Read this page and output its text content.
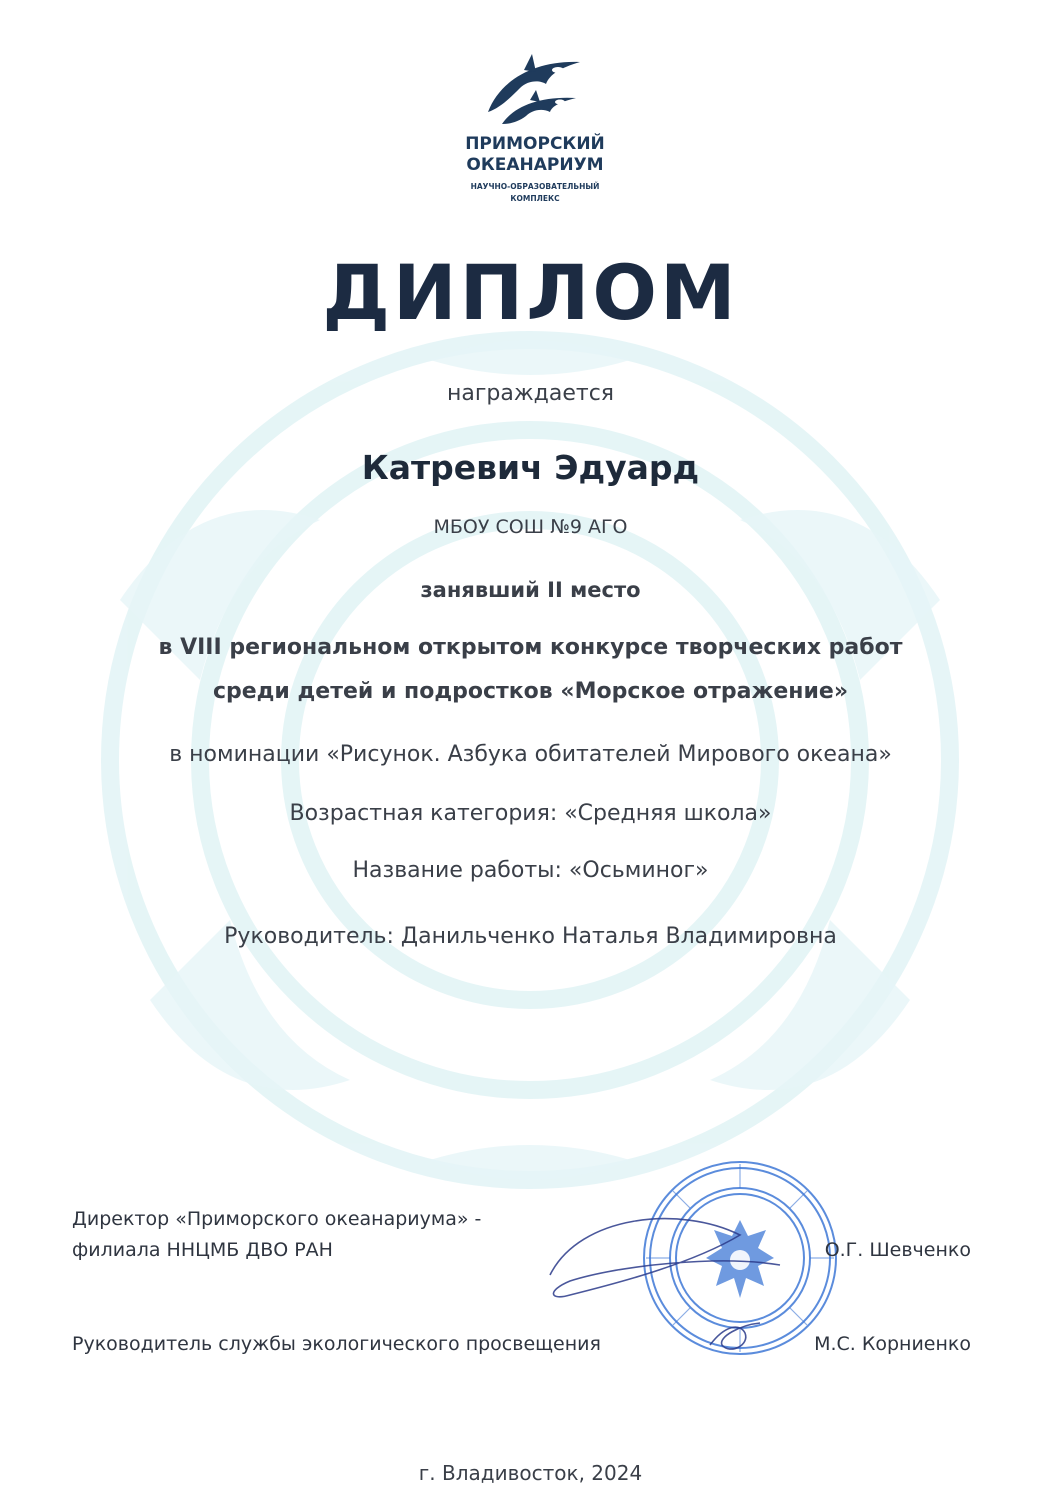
ПРИМОРСКИЙ
ОКЕАНАРИУМ
НАУЧНО-ОБРАЗОВАТЕЛЬНЫЙ
КОМПЛЕКС
ДИПЛОМ
награждается
Катревич Эдуард
МБОУ СОШ №9 АГО
занявший II место
в VIII региональном открытом конкурсе творческих работ
среди детей и подростков «Морское отражение»
в номинации «Рисунок. Азбука обитателей Мирового океана»
Возрастная категория: «Средняя школа»
Название работы: «Осьминог»
Руководитель: Данильченко Наталья Владимировна
Директор «Приморского океанариума» -
филиала ННЦМБ ДВО РАН	О.Г. Шевченко
Руководитель службы экологического просвещения	М.С. Корниенко
г. Владивосток, 2024
